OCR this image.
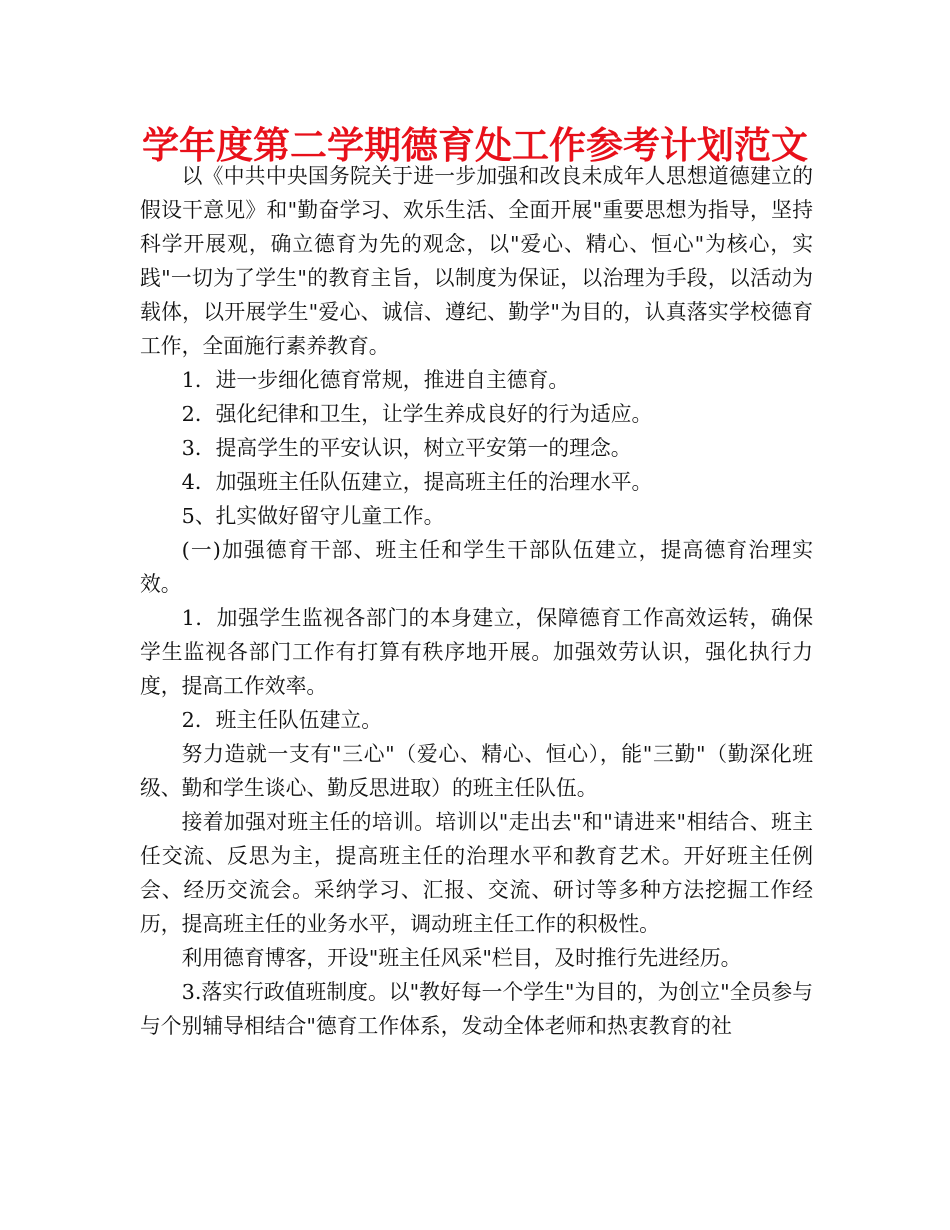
学年度第二学期德育处工作参考计划范文

以《中共中央国务院关于进一步加强和改良未成年人思想道德建立的假设干意见》和"勤奋学习、欢乐生活、全面开展"重要思想为指导，坚持科学开展观，确立德育为先的观念，以"爱心、精心、恒心"为核心，实践"一切为了学生"的教育主旨，以制度为保证，以治理为手段，以活动为载体，以开展学生"爱心、诚信、遵纪、勤学"为目的，认真落实学校德育工作，全面施行素养教育。

1．进一步细化德育常规，推进自主德育。

2．强化纪律和卫生，让学生养成良好的行为适应。

3．提高学生的平安认识，树立平安第一的理念。

4．加强班主任队伍建立，提高班主任的治理水平。

5、扎实做好留守儿童工作。

(一)加强德育干部、班主任和学生干部队伍建立，提高德育治理实效。

1．加强学生监视各部门的本身建立，保障德育工作高效运转，确保学生监视各部门工作有打算有秩序地开展。加强效劳认识，强化执行力度，提高工作效率。

2．班主任队伍建立。

努力造就一支有"三心"（爱心、精心、恒心），能"三勤"（勤深化班级、勤和学生谈心、勤反思进取）的班主任队伍。

接着加强对班主任的培训。培训以"走出去"和"请进来"相结合、班主任交流、反思为主，提高班主任的治理水平和教育艺术。开好班主任例会、经历交流会。采纳学习、汇报、交流、研讨等多种方法挖掘工作经历，提高班主任的业务水平，调动班主任工作的积极性。

利用德育博客，开设"班主任风采"栏目，及时推行先进经历。

3.落实行政值班制度。以"教好每一个学生"为目的，为创立"全员参与与个别辅导相结合"德育工作体系，发动全体老师和热衷教育的社
